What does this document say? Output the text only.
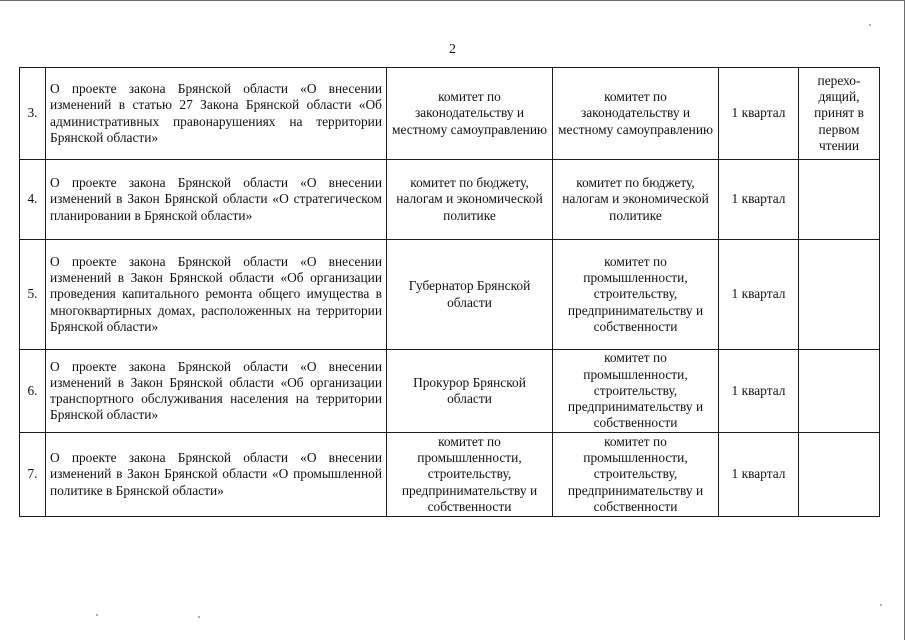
2
3.	О проекте закона Брянской области «О внесении изменений в статью 27 Закона Брянской области «Об административных правонарушениях на территории Брянской области»	комитет по законодательству и местному самоуправлению	комитет по законодательству и местному самоуправлению	1 квартал	перехо-дящий, принят в первом чтении
4.	О проекте закона Брянской области «О внесении изменений в Закон Брянской области «О стратегическом планировании в Брянской области»	комитет по бюджету, налогам и экономической политике	комитет по бюджету, налогам и экономической политике	1 квартал	
5.	О проекте закона Брянской области «О внесении изменений в Закон Брянской области «Об организации проведения капитального ремонта общего имущества в многоквартирных домах, расположенных на территории Брянской области»	Губернатор Брянской области	комитет по промышленности, строительству, предпринимательству и собственности	1 квартал	
6.	О проекте закона Брянской области «О внесении изменений в Закон Брянской области «Об организации транспортного обслуживания населения на территории Брянской области»	Прокурор Брянской области	комитет по промышленности, строительству, предпринимательству и собственности	1 квартал	
7.	О проекте закона Брянской области «О внесении изменений в Закон Брянской области «О промышленной политике в Брянской области»	комитет по промышленности, строительству, предпринимательству и собственности	комитет по промышленности, строительству, предпринимательству и собственности	1 квартал	
